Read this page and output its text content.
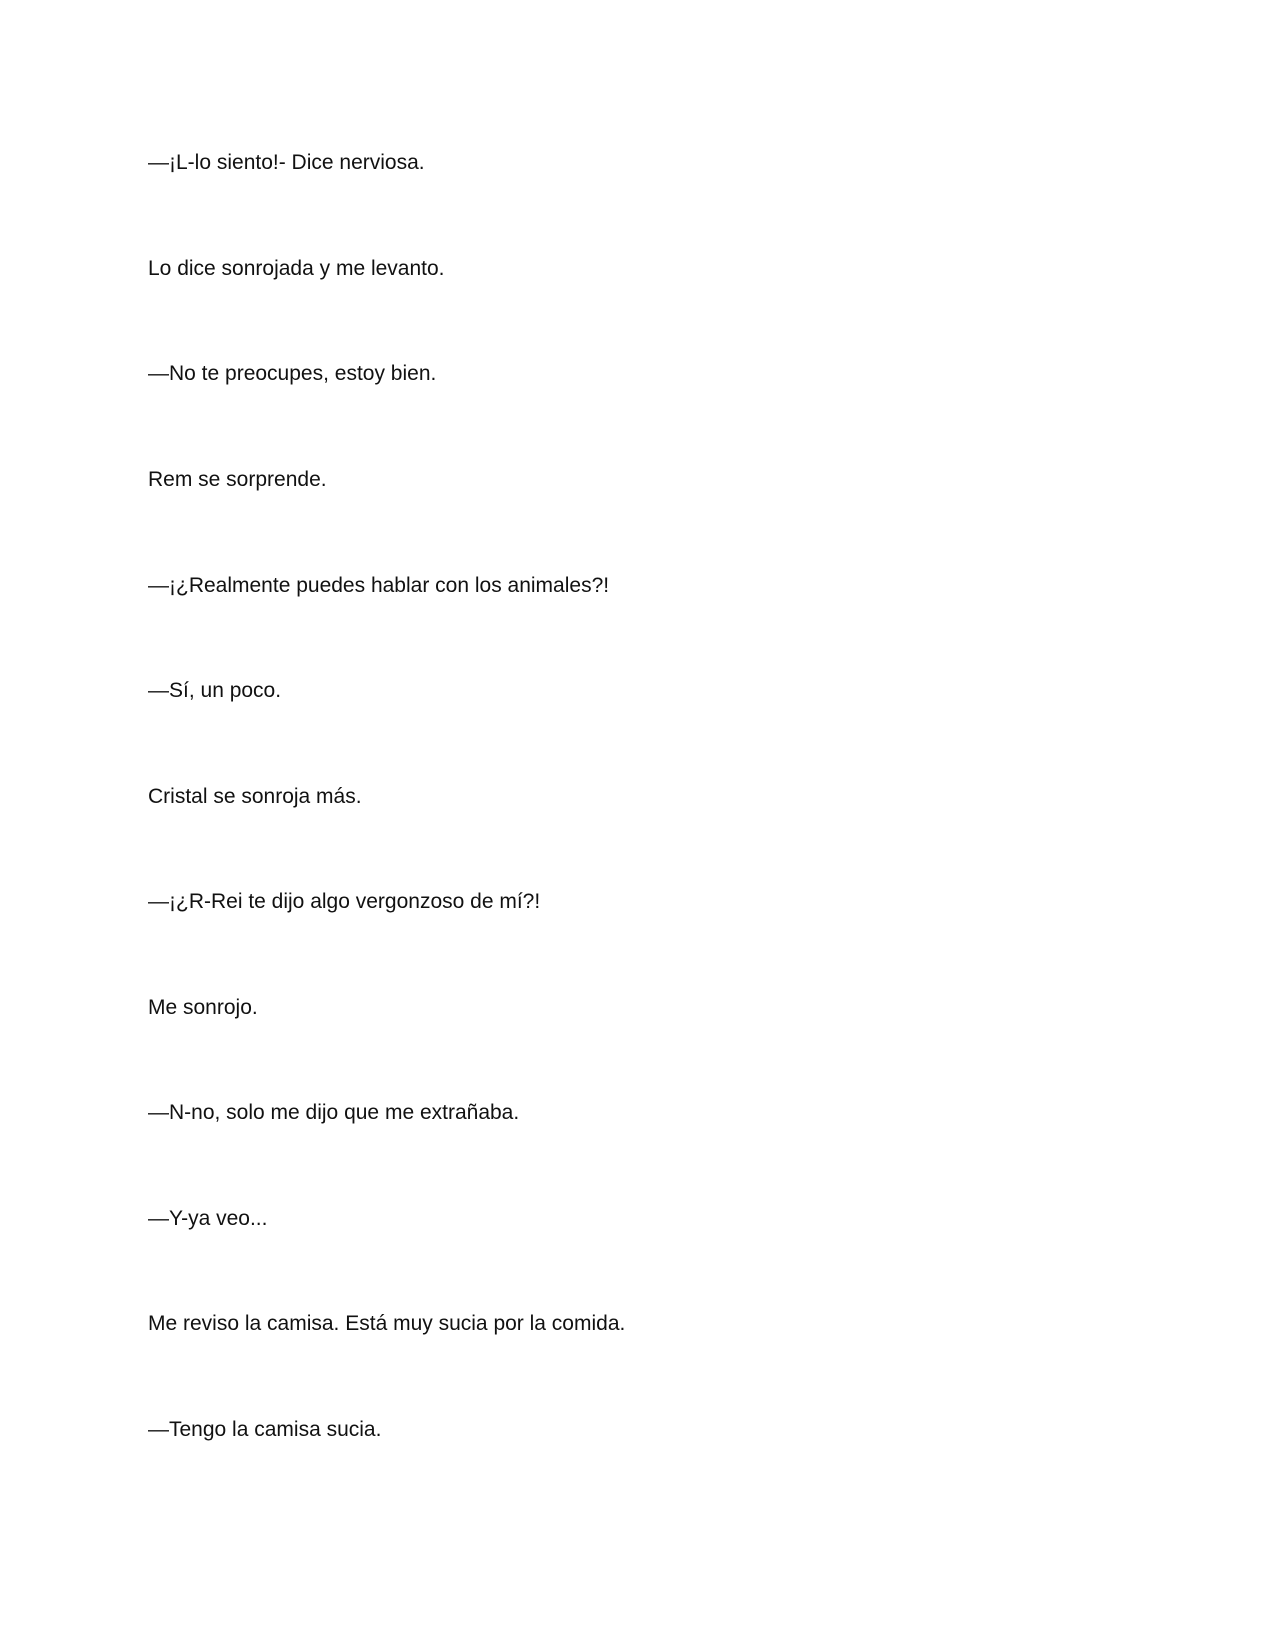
—¡L-lo siento!- Dice nerviosa.

Lo dice sonrojada y me levanto.

—No te preocupes, estoy bien.

Rem se sorprende.

—¡¿Realmente puedes hablar con los animales?!

—Sí, un poco.

Cristal se sonroja más.

—¡¿R-Rei te dijo algo vergonzoso de mí?!

Me sonrojo.

—N-no, solo me dijo que me extrañaba.

—Y-ya veo...

Me reviso la camisa. Está muy sucia por la comida.

—Tengo la camisa sucia.
